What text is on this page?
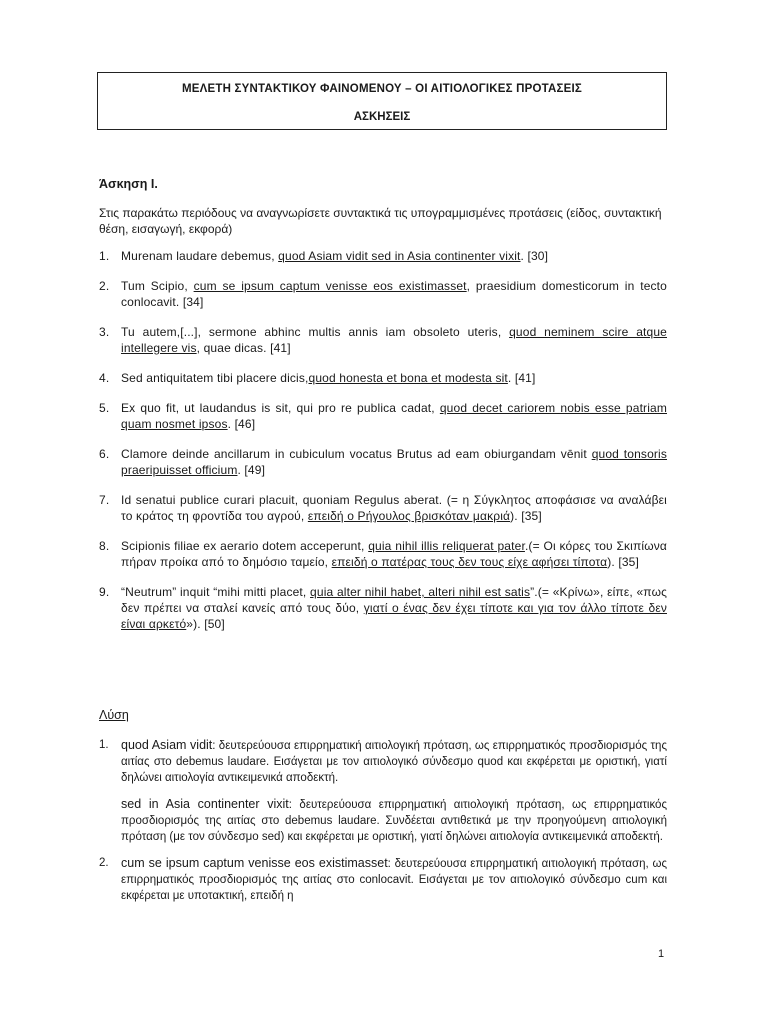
ΜΕΛΕΤΗ ΣΥΝΤΑΚΤΙΚΟΥ ΦΑΙΝΟΜΕΝΟΥ – ΟΙ ΑΙΤΙΟΛΟΓΙΚΕΣ ΠΡΟΤΑΣΕΙΣ
ΑΣΚΗΣΕΙΣ
Άσκηση Ι.
Στις παρακάτω περιόδους να αναγνωρίσετε συντακτικά τις υπογραμμισμένες προτάσεις (είδος, συντακτική θέση, εισαγωγή, εκφορά)
1. Murenam laudare debemus, quod Asiam vidit sed in Asia continenter vixit. [30]
2. Tum Scipio, cum se ipsum captum venisse eos existimasset, praesidium domesticorum in tecto conlocavit. [34]
3. Tu autem,[...], sermone abhinc multis annis iam obsoleto uteris, quod neminem scire atque intellegere vis, quae dicas. [41]
4. Sed antiquitatem tibi placere dicis,quod honesta et bona et modesta sit. [41]
5. Ex quo fit, ut laudandus is sit, qui pro re publica cadat, quod decet cariorem nobis esse patriam quam nosmet ipsos. [46]
6. Clamore deinde ancillarum in cubiculum vocatus Brutus ad eam obiurgandam vēnit quod tonsoris praeripuisset officium. [49]
7. Id senatui publice curari placuit, quoniam Regulus aberat. (= η Σύγκλητος αποφάσισε να αναλάβει το κράτος τη φροντίδα του αγρού, επειδή ο Ρήγουλος βρισκόταν μακριά). [35]
8. Scipionis filiae ex aerario dotem acceperunt, quia nihil illis reliquerat pater.(= Οι κόρες του Σκιπίωνα πήραν προίκα από το δημόσιο ταμείο, επειδή ο πατέρας τους δεν τους είχε αφήσει τίποτα). [35]
9. “Neutrum” inquit “mihi mitti placet, quia alter nihil habet, alteri nihil est satis”.(= «Κρίνω», είπε, «πως δεν πρέπει να σταλεί κανείς από τους δύο, γιατί ο ένας δεν έχει τίποτε και για τον άλλο τίποτε δεν είναι αρκετό»). [50]
Λύση
1. quod Asiam vidit: δευτερεύουσα επιρρηματική αιτιολογική πρόταση, ως επιρρηματικός προσδιορισμός της αιτίας στο debemus laudare. Εισάγεται με τον αιτιολογικό σύνδεσμο quod και εκφέρεται με οριστική, γιατί δηλώνει αιτιολογία αντικειμενικά αποδεκτή.
sed in Asia continenter vixit: δευτερεύουσα επιρρηματική αιτιολογική πρόταση, ως επιρρηματικός προσδιορισμός της αιτίας στο debemus laudare. Συνδέεται αντιθετικά με την προηγούμενη αιτιολογική πρόταση (με τον σύνδεσμο sed) και εκφέρεται με οριστική, γιατί δηλώνει αιτιολογία αντικειμενικά αποδεκτή.
2. cum se ipsum captum venisse eos existimasset: δευτερεύουσα επιρρηματική αιτιολογική πρόταση, ως επιρρηματικός προσδιορισμός της αιτίας στο conlocavit. Εισάγεται με τον αιτιολογικό σύνδεσμο cum και εκφέρεται με υποτακτική, επειδή η
1
